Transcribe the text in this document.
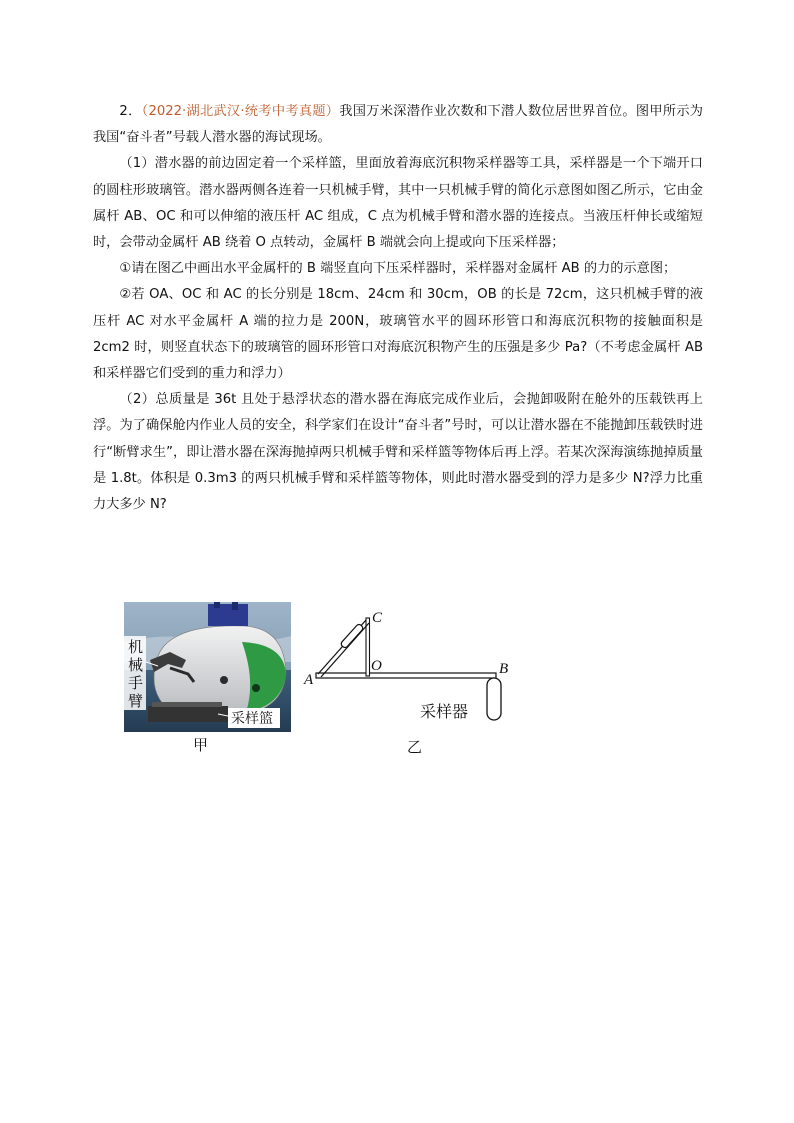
2．（2022·湖北武汉·统考中考真题）我国万米深潜作业次数和下潜人数位居世界首位。图甲所示为我国“奋斗者”号载人潜水器的海试现场。

（1）潜水器的前边固定着一个采样篮，里面放着海底沉积物采样器等工具，采样器是一个下端开口的圆柱形玻璃管。潜水器两侧各连着一只机械手臂，其中一只机械手臂的简化示意图如图乙所示，它由金属杆 AB、OC 和可以伸缩的液压杆 AC 组成，C 点为机械手臂和潜水器的连接点。当液压杆伸长或缩短时，会带动金属杆 AB 绕着 O 点转动，金属杆 B 端就会向上提或向下压采样器；

①请在图乙中画出水平金属杆的 B 端竖直向下压采样器时，采样器对金属杆 AB 的力的示意图；

②若 OA、OC 和 AC 的长分别是 18cm、24cm 和 30cm，OB 的长是 72cm，这只机械手臂的液压杆 AC 对水平金属杆 A 端的拉力是 200N，玻璃管水平的圆环形管口和海底沉积物的接触面积是 2cm2 时，则竖直状态下的玻璃管的圆环形管口对海底沉积物产生的压强是多少 Pa?（不考虑金属杆 AB 和采样器它们受到的重力和浮力）

（2）总质量是 36t 且处于悬浮状态的潜水器在海底完成作业后，会抛卸吸附在舱外的压载铁再上浮。为了确保舱内作业人员的安全，科学家们在设计“奋斗者”号时，可以让潜水器在不能抛卸压载铁时进行“断臂求生”，即让潜水器在深海抛掉两只机械手臂和采样篮等物体后再上浮。若某次深海演练抛掉质量是 1.8t。体积是 0.3m3 的两只机械手臂和采样篮等物体，则此时潜水器受到的浮力是多少 N?浮力比重力大多少 N?

机
械
手
臂
采样篮
甲
C
O
A
B
采样器
乙
